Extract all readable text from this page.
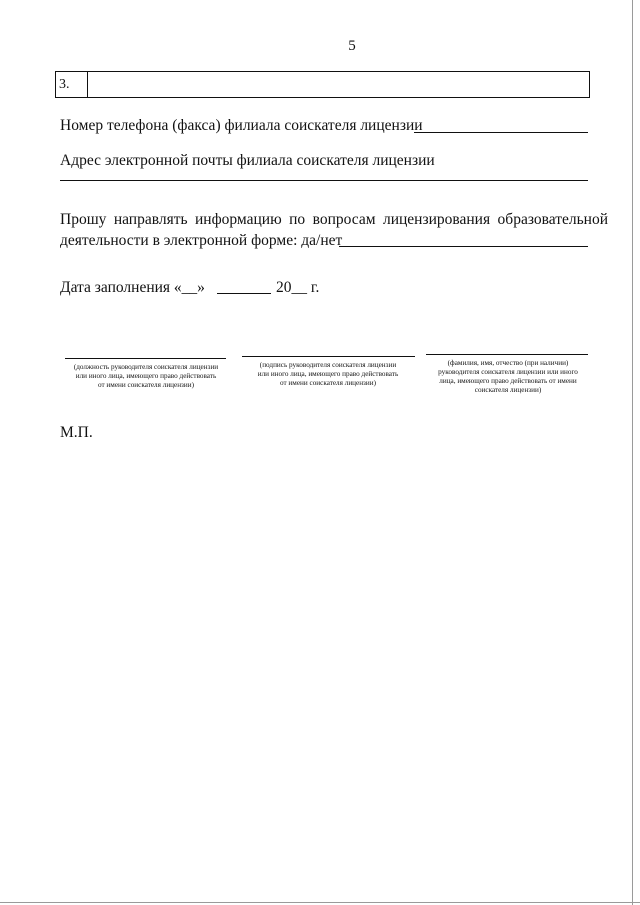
5
3.
Номер телефона (факса) филиала соискателя лицензии
Адрес электронной почты филиала соискателя лицензии
Прошу направлять информацию по вопросам лицензирования образовательной
деятельности в электронной форме: да/нет
Дата заполнения «__»	20__ г.
(должность руководителя соискателя лицензии
или иного лица, имеющего право действовать
от имени соискателя лицензии)
(подпись руководителя соискателя лицензии
или иного лица, имеющего право действовать
от имени соискателя лицензии)
(фамилия, имя, отчество (при наличии)
руководителя соискателя лицензии или иного
лица, имеющего право действовать от имени
соискателя лицензии)
М.П.
